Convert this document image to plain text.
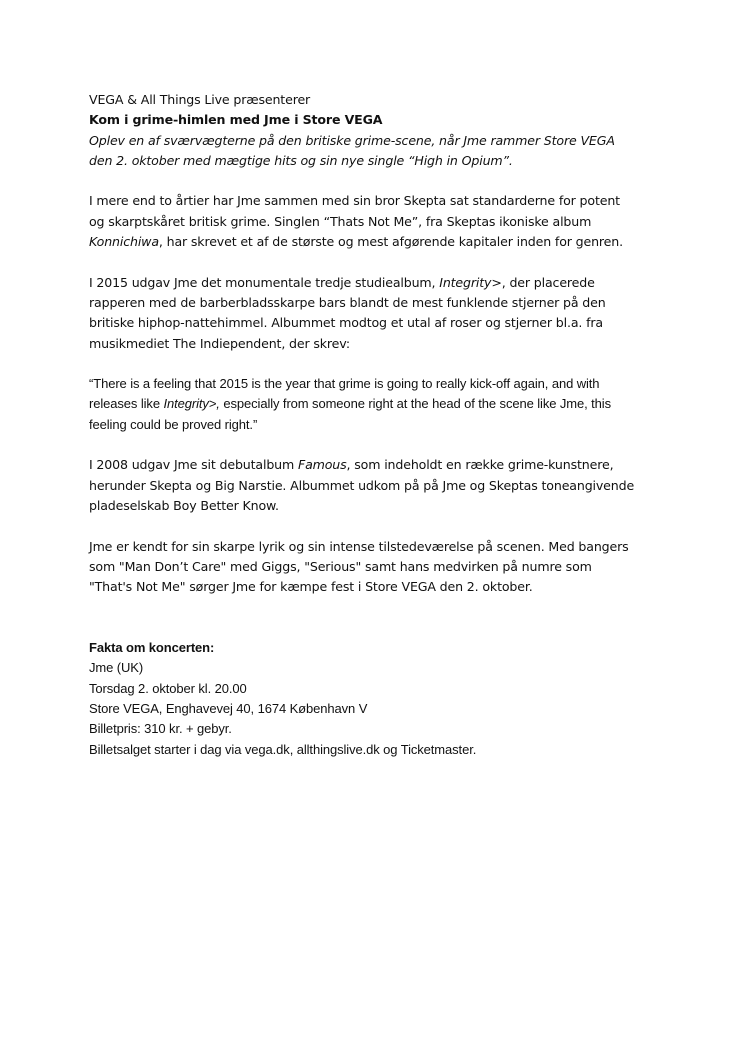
VEGA & All Things Live præsenterer

Kom i grime-himlen med Jme i Store VEGA

Oplev en af sværvægterne på den britiske grime-scene, når Jme rammer Store VEGA
den 2. oktober med mægtige hits og sin nye single “High in Opium”.

I mere end to årtier har Jme sammen med sin bror Skepta sat standarderne for potent
og skarptskåret britisk grime. Singlen “Thats Not Me”, fra Skeptas ikoniske album
Konnichiwa, har skrevet et af de største og mest afgørende kapitaler inden for genren.

I 2015 udgav Jme det monumentale tredje studiealbum, Integrity>, der placerede
rapperen med de barberbladsskarpe bars blandt de mest funklende stjerner på den
britiske hiphop-nattehimmel. Albummet modtog et utal af roser og stjerner bl.a. fra
musikmediet The Indiependent, der skrev:

“There is a feeling that 2015 is the year that grime is going to really kick-off again, and with
releases like Integrity>, especially from someone right at the head of the scene like Jme, this
feeling could be proved right.”

I 2008 udgav Jme sit debutalbum Famous, som indeholdt en række grime-kunstnere,
herunder Skepta og Big Narstie. Albummet udkom på på Jme og Skeptas toneangivende
pladeselskab Boy Better Know.

Jme er kendt for sin skarpe lyrik og sin intense tilstedeværelse på scenen. Med bangers
som "Man Don’t Care" med Giggs, "Serious" samt hans medvirken på numre som
"That's Not Me" sørger Jme for kæmpe fest i Store VEGA den 2. oktober.

Fakta om koncerten:
Jme (UK)
Torsdag 2. oktober kl. 20.00
Store VEGA, Enghavevej 40, 1674 København V
Billetpris: 310 kr. + gebyr.
Billetsalget starter i dag via vega.dk, allthingslive.dk og Ticketmaster.
